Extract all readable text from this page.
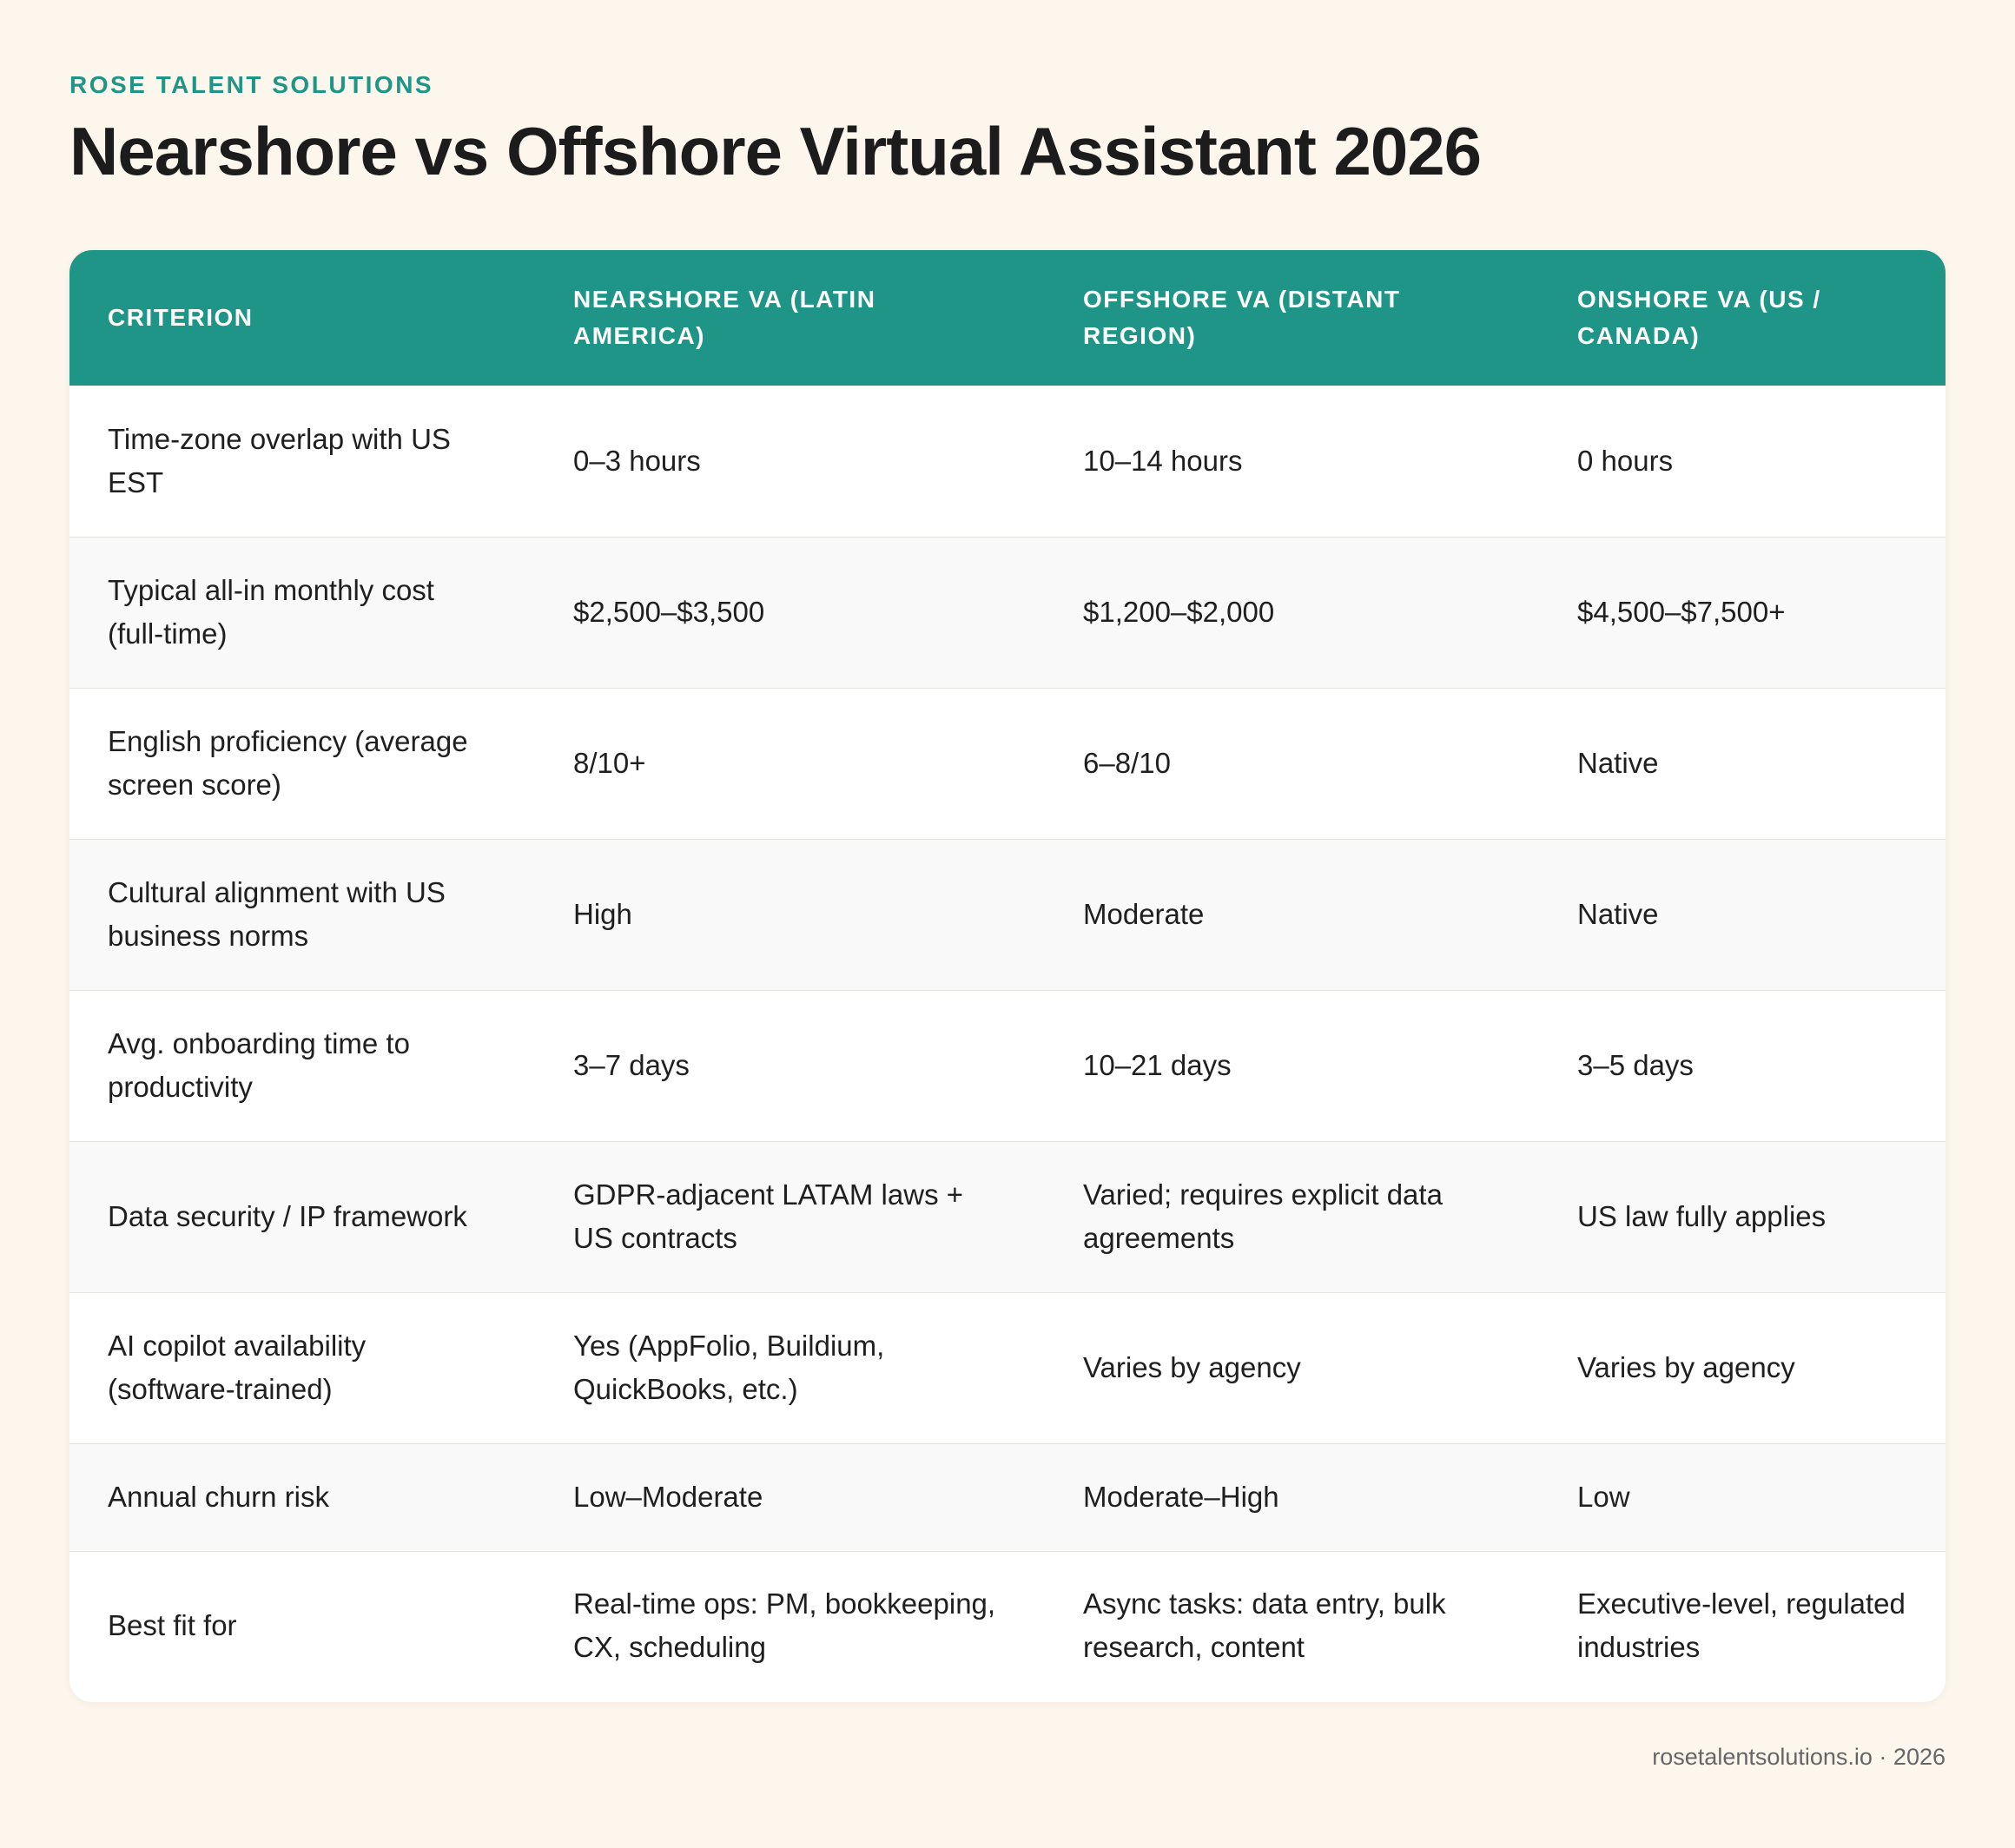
ROSE TALENT SOLUTIONS
Nearshore vs Offshore Virtual Assistant 2026
CRITERION	NEARSHORE VA (LATIN AMERICA)	OFFSHORE VA (DISTANT REGION)	ONSHORE VA (US / CANADA)
Time-zone overlap with US EST	0–3 hours	10–14 hours	0 hours
Typical all-in monthly cost (full-time)	$2,500–$3,500	$1,200–$2,000	$4,500–$7,500+
English proficiency (average screen score)	8/10+	6–8/10	Native
Cultural alignment with US business norms	High	Moderate	Native
Avg. onboarding time to productivity	3–7 days	10–21 days	3–5 days
Data security / IP framework	GDPR-adjacent LATAM laws + US contracts	Varied; requires explicit data agreements	US law fully applies
AI copilot availability (software-trained)	Yes (AppFolio, Buildium, QuickBooks, etc.)	Varies by agency	Varies by agency
Annual churn risk	Low–Moderate	Moderate–High	Low
Best fit for	Real-time ops: PM, bookkeeping, CX, scheduling	Async tasks: data entry, bulk research, content	Executive-level, regulated industries
rosetalentsolutions.io · 2026
